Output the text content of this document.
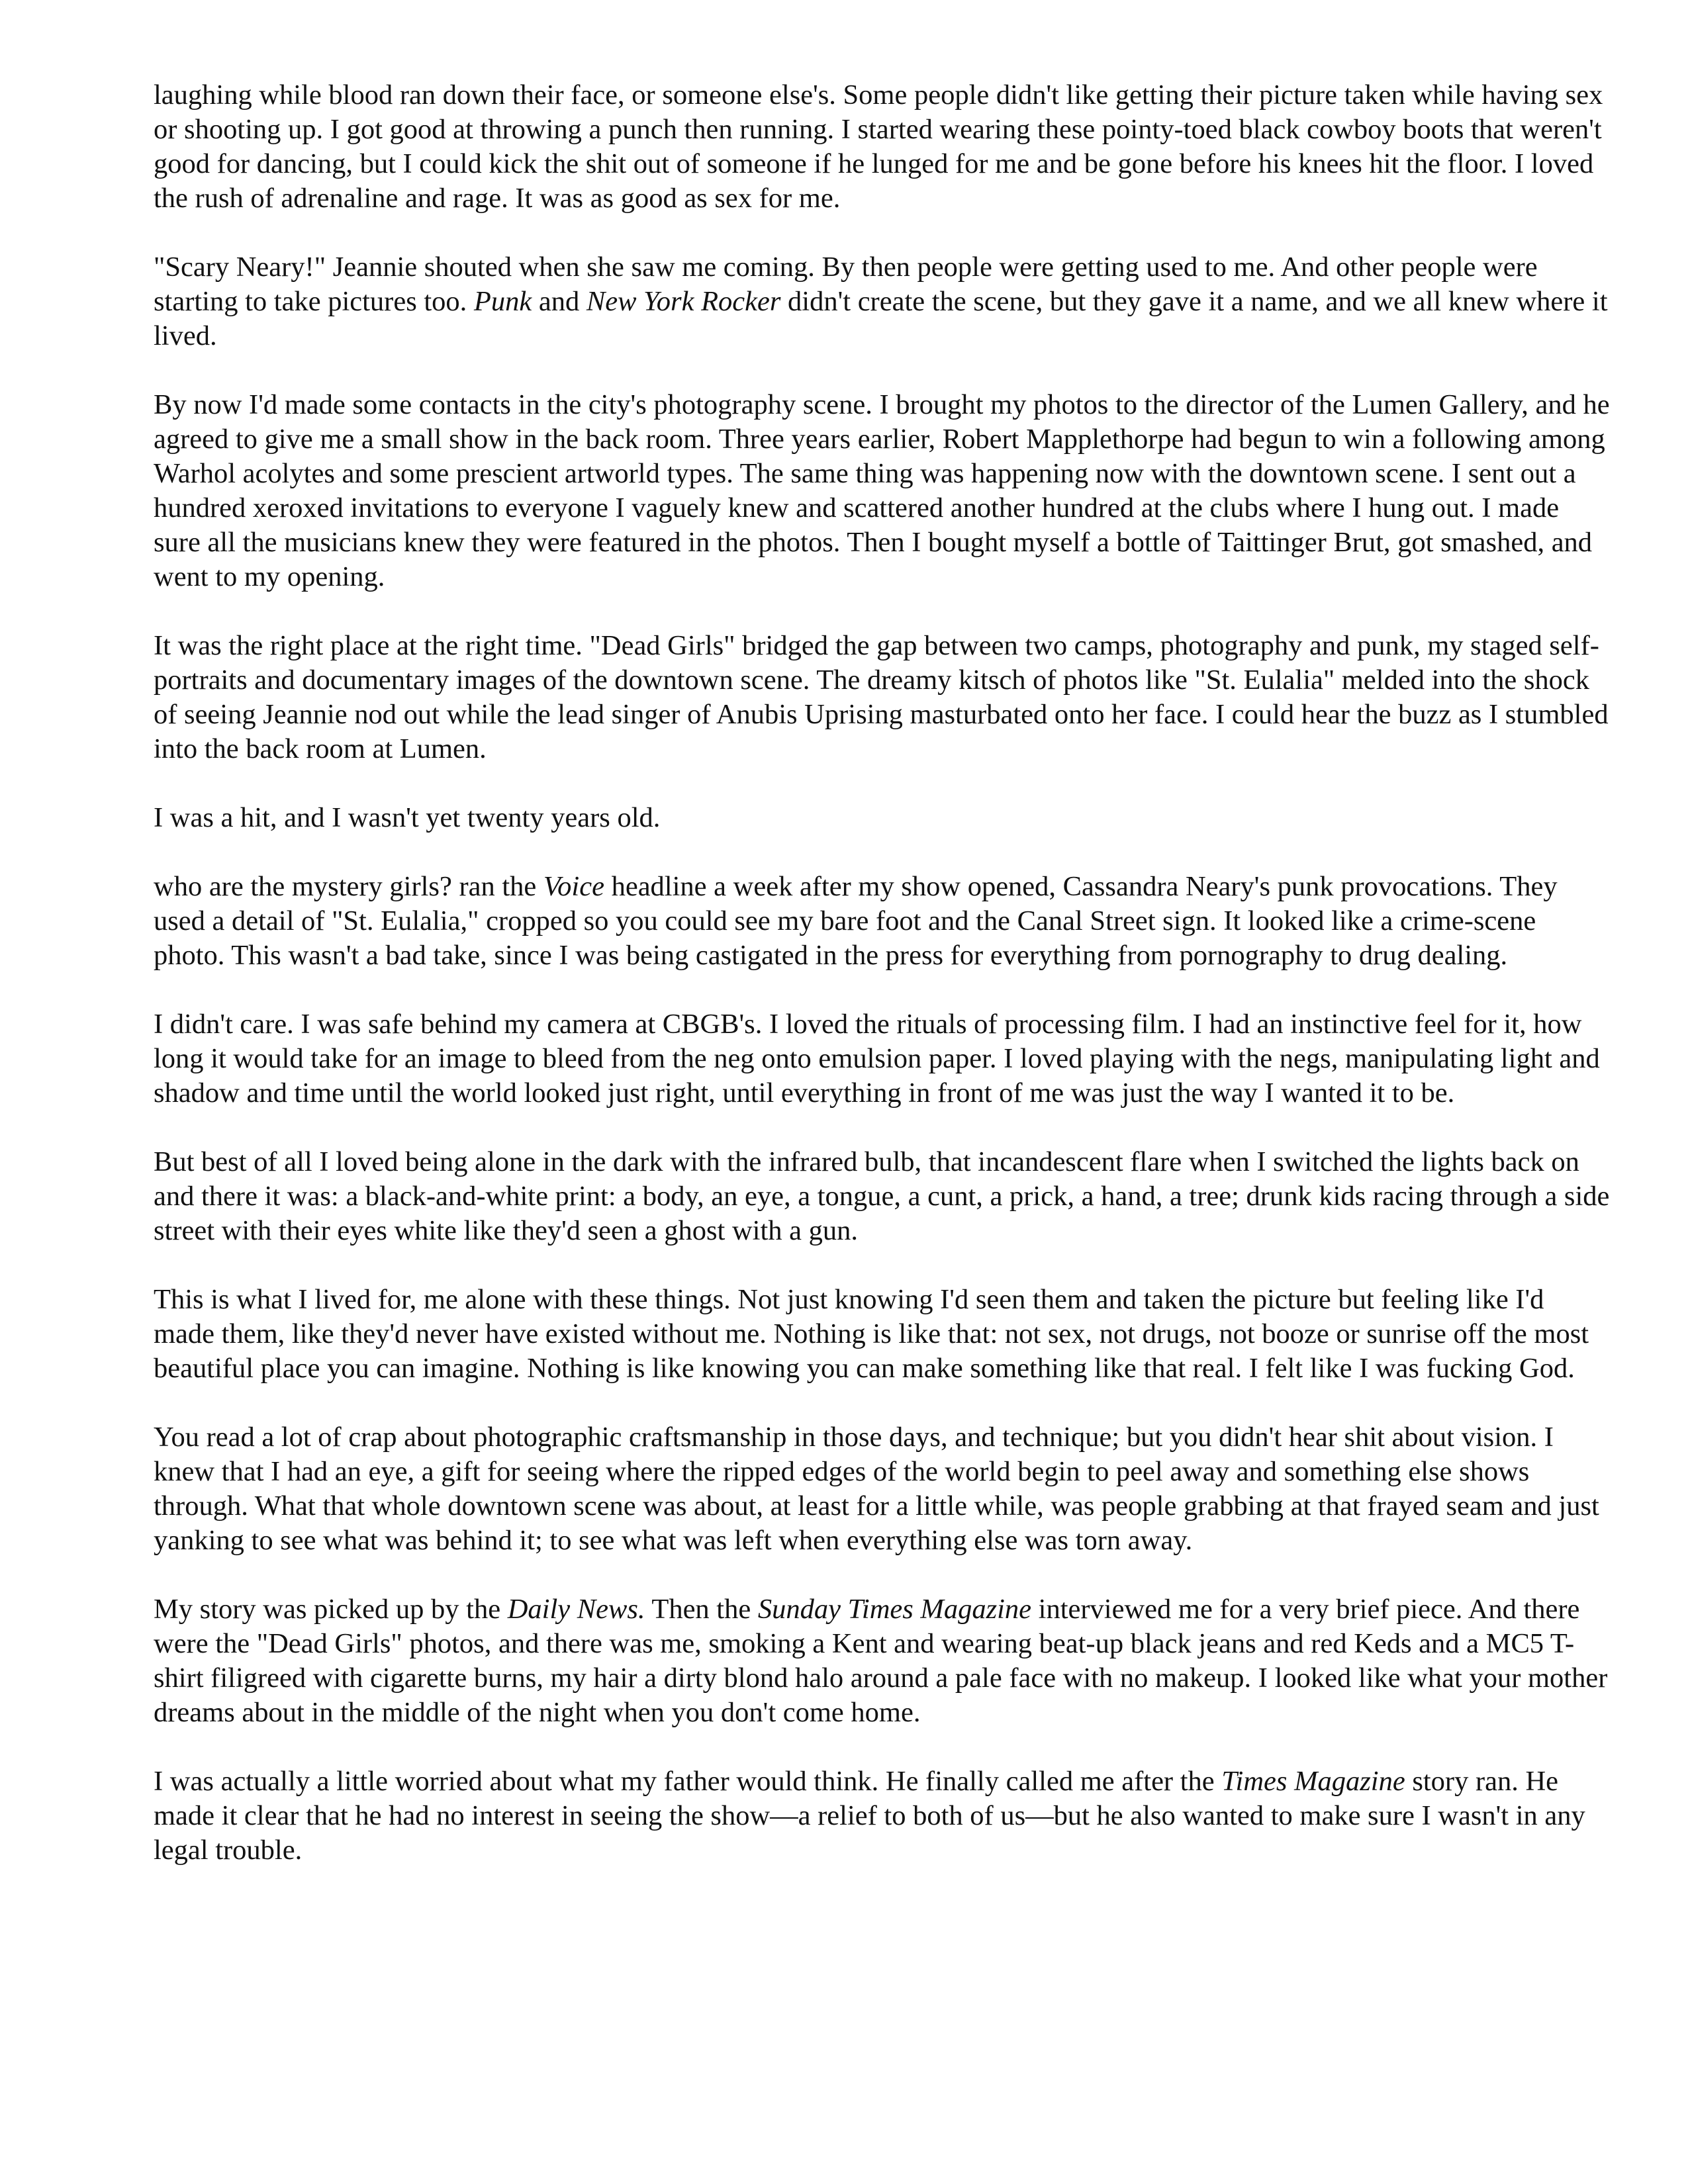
laughing while blood ran down their face, or someone else's. Some people didn't like getting their picture taken while having sex or shooting up. I got good at throwing a punch then running. I started wearing these pointy-toed black cowboy boots that weren't good for dancing, but I could kick the shit out of someone if he lunged for me and be gone before his knees hit the floor. I loved the rush of adrenaline and rage. It was as good as sex for me.

"Scary Neary!" Jeannie shouted when she saw me coming. By then people were getting used to me. And other people were starting to take pictures too. Punk and New York Rocker didn't create the scene, but they gave it a name, and we all knew where it lived.

By now I'd made some contacts in the city's photography scene. I brought my photos to the director of the Lumen Gallery, and he agreed to give me a small show in the back room. Three years earlier, Robert Mapplethorpe had begun to win a following among Warhol acolytes and some prescient artworld types. The same thing was happening now with the downtown scene. I sent out a hundred xeroxed invitations to everyone I vaguely knew and scattered another hundred at the clubs where I hung out. I made sure all the musicians knew they were featured in the photos. Then I bought myself a bottle of Taittinger Brut, got smashed, and went to my opening.

It was the right place at the right time. "Dead Girls" bridged the gap between two camps, photography and punk, my staged self-portraits and documentary images of the downtown scene. The dreamy kitsch of photos like "St. Eulalia" melded into the shock of seeing Jeannie nod out while the lead singer of Anubis Uprising masturbated onto her face. I could hear the buzz as I stumbled into the back room at Lumen.

I was a hit, and I wasn't yet twenty years old.

who are the mystery girls? ran the Voice headline a week after my show opened, Cassandra Neary's punk provocations. They used a detail of "St. Eulalia," cropped so you could see my bare foot and the Canal Street sign. It looked like a crime-scene photo. This wasn't a bad take, since I was being castigated in the press for everything from pornography to drug dealing.

I didn't care. I was safe behind my camera at CBGB's. I loved the rituals of processing film. I had an instinctive feel for it, how long it would take for an image to bleed from the neg onto emulsion paper. I loved playing with the negs, manipulating light and shadow and time until the world looked just right, until everything in front of me was just the way I wanted it to be.

But best of all I loved being alone in the dark with the infrared bulb, that incandescent flare when I switched the lights back on and there it was: a black-and-white print: a body, an eye, a tongue, a cunt, a prick, a hand, a tree; drunk kids racing through a side street with their eyes white like they'd seen a ghost with a gun.

This is what I lived for, me alone with these things. Not just knowing I'd seen them and taken the picture but feeling like I'd made them, like they'd never have existed without me. Nothing is like that: not sex, not drugs, not booze or sunrise off the most beautiful place you can imagine. Nothing is like knowing you can make something like that real. I felt like I was fucking God.

You read a lot of crap about photographic craftsmanship in those days, and technique; but you didn't hear shit about vision. I knew that I had an eye, a gift for seeing where the ripped edges of the world begin to peel away and something else shows through. What that whole downtown scene was about, at least for a little while, was people grabbing at that frayed seam and just yanking to see what was behind it; to see what was left when everything else was torn away.

My story was picked up by the Daily News. Then the Sunday Times Magazine interviewed me for a very brief piece. And there were the "Dead Girls" photos, and there was me, smoking a Kent and wearing beat-up black jeans and red Keds and a MC5 T-shirt filigreed with cigarette burns, my hair a dirty blond halo around a pale face with no makeup. I looked like what your mother dreams about in the middle of the night when you don't come home.

I was actually a little worried about what my father would think. He finally called me after the Times Magazine story ran. He made it clear that he had no interest in seeing the show—a relief to both of us—but he also wanted to make sure I wasn't in any legal trouble.
